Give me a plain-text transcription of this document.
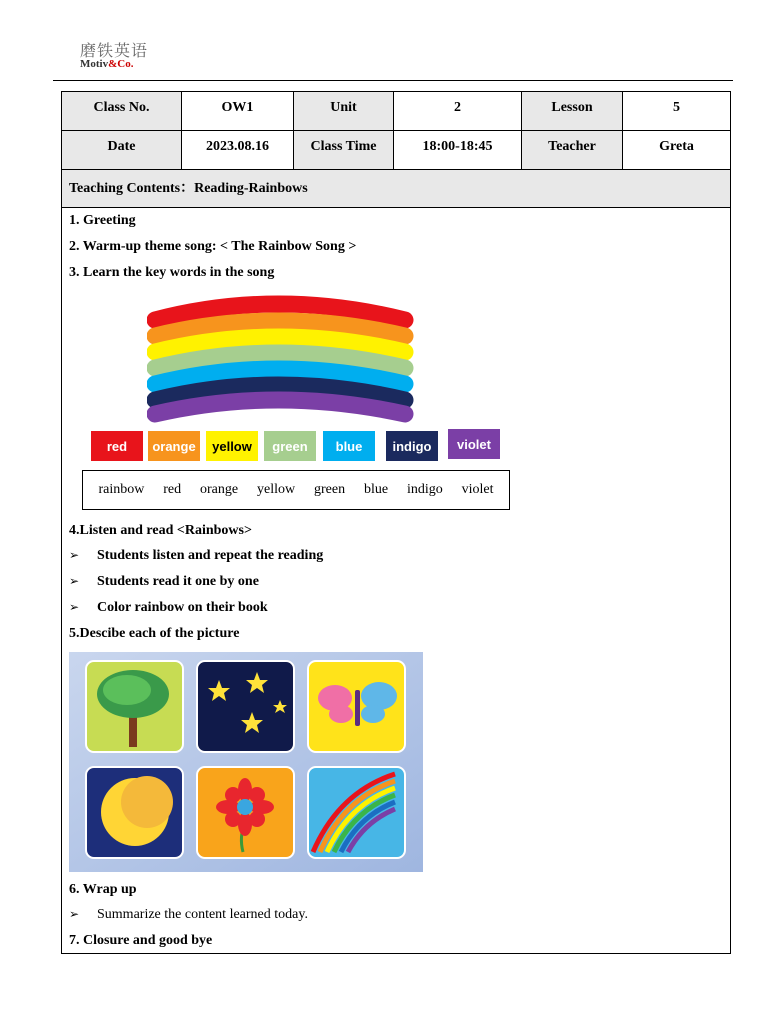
磨铁英语
Motiv&Co.
Class No.	OW1	Unit	2	Lesson	5
Date	2023.08.16	Class Time	18:00-18:45	Teacher	Greta
Teaching Contents：Reading-Rainbows
1. Greeting
2. Warm-up theme song: < The Rainbow Song >
3. Learn the key words in the song
red orange yellow green blue indigo violet
rainbow red orange yellow green blue indigo violet
4.Listen and read <Rainbows>
➢ Students listen and repeat the reading
➢ Students read it one by one
➢ Color rainbow on their book
5.Descibe each of the picture
6. Wrap up
➢ Summarize the content learned today.
7. Closure and good bye
